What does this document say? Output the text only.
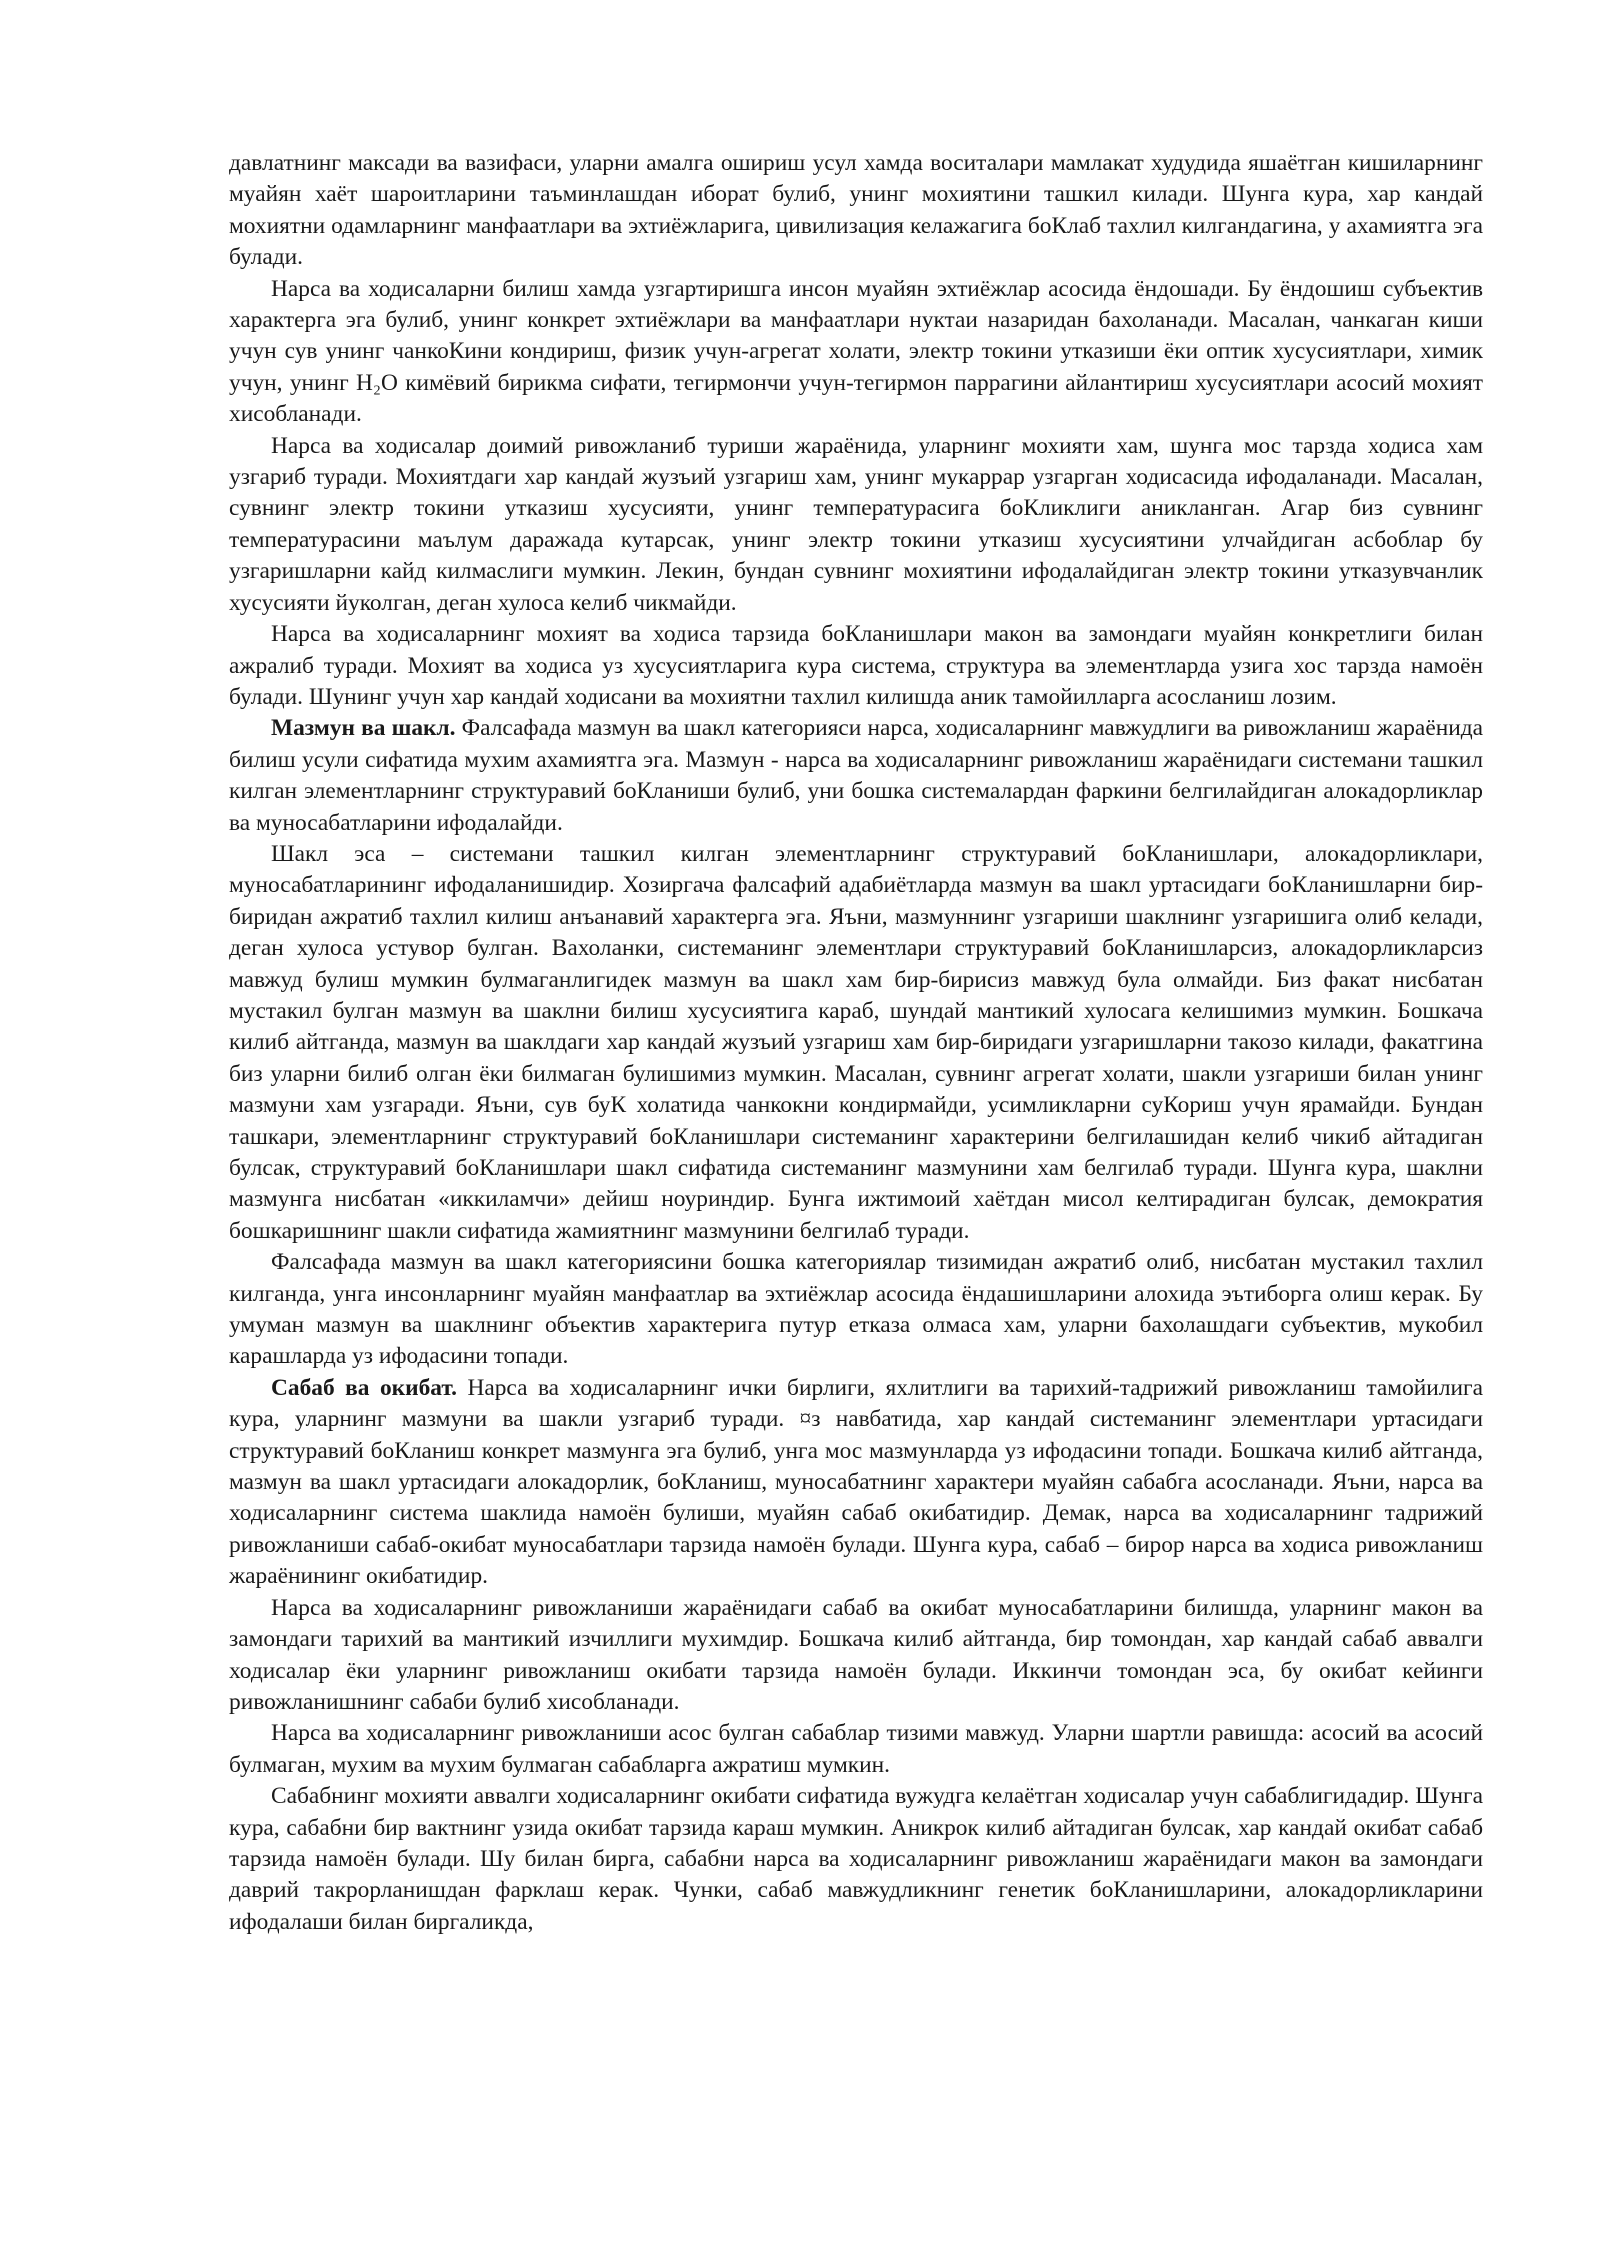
давлатнинг максади ва вазифаси, уларни амалга ошириш усул хамда воситалари мамлакат худудида яшаётган кишиларнинг муайян хаёт шароитларини таъминлашдан иборат булиб, унинг мохиятини ташкил килади. Шунга кура, хар кандай мохиятни одамларнинг манфаатлари ва эхтиёжларига, цивилизация келажагига боКлаб тахлил килгандагина, у ахамиятга эга булади.

Нарса ва ходисаларни билиш хамда узгартиришга инсон муайян эхтиёжлар асосида ёндошади. Бу ёндошиш субъектив характерга эга булиб, унинг конкрет эхтиёжлари ва манфаатлари нуктаи назаридан бахоланади. Масалан, чанкаган киши учун сув унинг чанкоКини кондириш, физик учун-агрегат холати, электр токини утказиши ёки оптик хусусиятлари, химик учун, унинг Н₂О кимёвий бирикма сифати, тегирмончи учун-тегирмон паррагини айлантириш хусусиятлари асосий мохият хисобланади.

Нарса ва ходисалар доимий ривожланиб туриши жараёнида, уларнинг мохияти хам, шунга мос тарзда ходиса хам узгариб туради. Мохиятдаги хар кандай жузъий узгариш хам, унинг мукаррар узгарган ходисасида ифодаланади. Масалан, сувнинг электр токини утказиш хусусияти, унинг температурасига боКликлиги аникланган. Агар биз сувнинг температурасини маълум даражада кутарсак, унинг электр токини утказиш хусусиятини улчайдиган асбоблар бу узгаришларни кайд килмаслиги мумкин. Лекин, бундан сувнинг мохиятини ифодалайдиган электр токини утказувчанлик хусусияти йуколган, деган хулоса келиб чикмайди.

Нарса ва ходисаларнинг мохият ва ходиса тарзида боКланишлари макон ва замондаги муайян конкретлиги билан ажралиб туради. Мохият ва ходиса уз хусусиятларига кура система, структура ва элементларда узига хос тарзда намоён булади. Шунинг учун хар кандай ходисани ва мохиятни тахлил килишда аник тамойилларга асосланиш лозим.

Мазмун ва шакл. Фалсафада мазмун ва шакл категорияси нарса, ходисаларнинг мавжудлиги ва ривожланиш жараёнида билиш усули сифатида мухим ахамиятга эга. Мазмун - нарса ва ходисаларнинг ривожланиш жараёнидаги системани ташкил килган элементларнинг структуравий боКланиши булиб, уни бошка системалардан фаркини белгилайдиган алокадорликлар ва муносабатларини ифодалайди.

Шакл эса – системани ташкил килган элементларнинг структуравий боКланишлари, алокадорликлари, муносабатларининг ифодаланишидир. Хозиргача фалсафий адабиётларда мазмун ва шакл уртасидаги боКланишларни бир-биридан ажратиб тахлил килиш анъанавий характерга эга. Яъни, мазмуннинг узгариши шаклнинг узгаришига олиб келади, деган хулоса устувор булган. Вахоланки, системанинг элементлари структуравий боКланишларсиз, алокадорликларсиз мавжуд булиш мумкин булмаганлигидек мазмун ва шакл хам бир-бирисиз мавжуд була олмайди. Биз факат нисбатан мустакил булган мазмун ва шаклни билиш хусусиятига караб, шундай мантикий хулосага келишимиз мумкин. Бошкача килиб айтганда, мазмун ва шаклдаги хар кандай жузъий узгариш хам бир-биридаги узгаришларни такозо килади, факатгина биз уларни билиб олган ёки билмаган булишимиз мумкин. Масалан, сувнинг агрегат холати, шакли узгариши билан унинг мазмуни хам узгаради. Яъни, сув буК холатида чанкокни кондирмайди, усимликларни суКориш учун ярамайди. Бундан ташкари, элементларнинг структуравий боКланишлари системанинг характерини белгилашидан келиб чикиб айтадиган булсак, структуравий боКланишлари шакл сифатида системанинг мазмунини хам белгилаб туради. Шунга кура, шаклни мазмунга нисбатан «иккиламчи» дейиш ноуриндир. Бунга ижтимоий хаётдан мисол келтирадиган булсак, демократия бошкаришнинг шакли сифатида жамиятнинг мазмунини белгилаб туради.

Фалсафада мазмун ва шакл категориясини бошка категориялар тизимидан ажратиб олиб, нисбатан мустакил тахлил килганда, унга инсонларнинг муайян манфаатлар ва эхтиёжлар асосида ёндашишларини алохида эътиборга олиш керак. Бу умуман мазмун ва шаклнинг объектив характерига путур етказа олмаса хам, уларни бахолашдаги субъектив, мукобил карашларда уз ифодасини топади.

Сабаб ва окибат. Нарса ва ходисаларнинг ички бирлиги, яхлитлиги ва тарихий-тадрижий ривожланиш тамойилига кура, уларнинг мазмуни ва шакли узгариб туради. ¤з навбатида, хар кандай системанинг элементлари уртасидаги структуравий боКланиш конкрет мазмунга эга булиб, унга мос мазмунларда уз ифодасини топади. Бошкача килиб айтганда, мазмун ва шакл уртасидаги алокадорлик, боКланиш, муносабатнинг характери муайян сабабга асосланади. Яъни, нарса ва ходисаларнинг система шаклида намоён булиши, муайян сабаб окибатидир. Демак, нарса ва ходисаларнинг тадрижий ривожланиши сабаб-окибат муносабатлари тарзида намоён булади. Шунга кура, сабаб – бирор нарса ва ходиса ривожланиш жараёнининг окибатидир.

Нарса ва ходисаларнинг ривожланиши жараёнидаги сабаб ва окибат муносабатларини билишда, уларнинг макон ва замондаги тарихий ва мантикий изчиллиги мухимдир. Бошкача килиб айтганда, бир томондан, хар кандай сабаб аввалги ходисалар ёки уларнинг ривожланиш окибати тарзида намоён булади. Иккинчи томондан эса, бу окибат кейинги ривожланишнинг сабаби булиб хисобланади.

Нарса ва ходисаларнинг ривожланиши асос булган сабаблар тизими мавжуд. Уларни шартли равишда: асосий ва асосий булмаган, мухим ва мухим булмаган сабабларга ажратиш мумкин.

Сабабнинг мохияти аввалги ходисаларнинг окибати сифатида вужудга келаётган ходисалар учун сабаблигидадир. Шунга кура, сабабни бир вактнинг узида окибат тарзида караш мумкин. Аникрок килиб айтадиган булсак, хар кандай окибат сабаб тарзида намоён булади. Шу билан бирга, сабабни нарса ва ходисаларнинг ривожланиш жараёнидаги макон ва замондаги даврий такрорланишдан фарклаш керак. Чунки, сабаб мавжудликнинг генетик боКланишларини, алокадорликларини ифодалаши билан биргаликда,
